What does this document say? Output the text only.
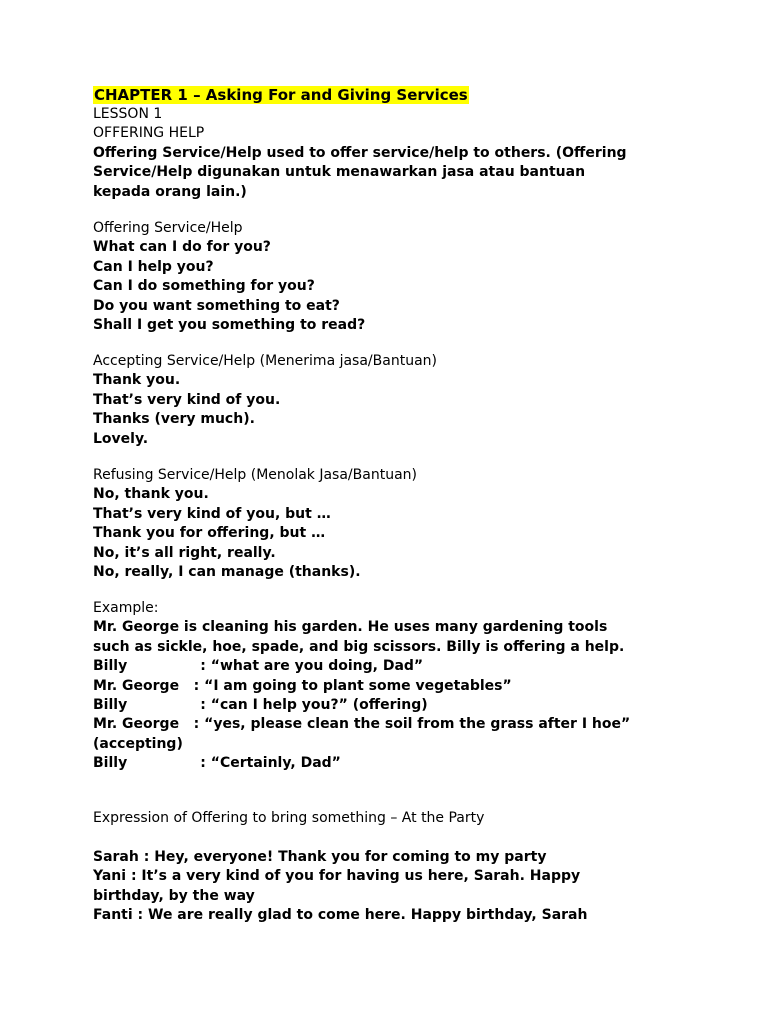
CHAPTER 1 – Asking For and Giving Services
LESSON 1
OFFERING HELP
Offering Service/Help used to offer service/help to others. (Offering
Service/Help digunakan untuk menawarkan jasa atau bantuan
kepada orang lain.)
Offering Service/Help
What can I do for you?
Can I help you?
Can I do something for you?
Do you want something to eat?
Shall I get you something to read?
Accepting Service/Help (Menerima jasa/Bantuan)
Thank you.
That’s very kind of you.
Thanks (very much).
Lovely.
Refusing Service/Help (Menolak Jasa/Bantuan)
No, thank you.
That’s very kind of you, but …
Thank you for offering, but …
No, it’s all right, really.
No, really, I can manage (thanks).
Example:
Mr. George is cleaning his garden. He uses many gardening tools
such as sickle, hoe, spade, and big scissors. Billy is offering a help.
Billy               : “what are you doing, Dad”
Mr. George   : “I am going to plant some vegetables”
Billy               : “can I help you?” (offering)
Mr. George   : “yes, please clean the soil from the grass after I hoe”
(accepting)
Billy               : “Certainly, Dad”
Expression of Offering to bring something – At the Party
Sarah : Hey, everyone! Thank you for coming to my party
Yani : It’s a very kind of you for having us here, Sarah. Happy
birthday, by the way
Fanti : We are really glad to come here. Happy birthday, Sarah
